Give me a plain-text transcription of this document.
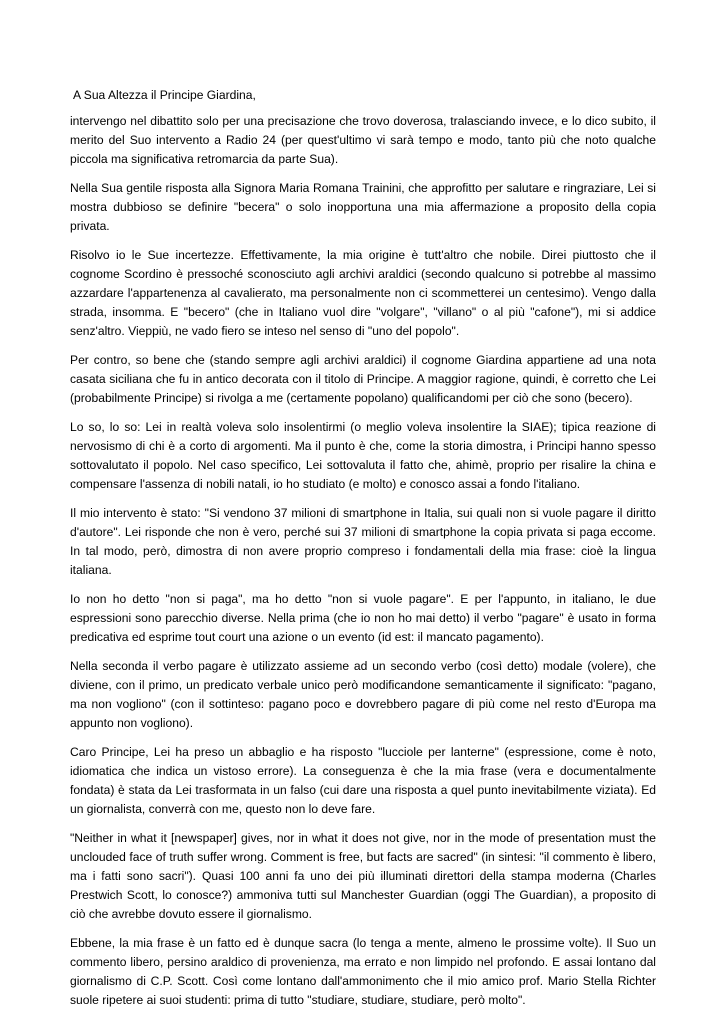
A Sua Altezza il Principe Giardina,

intervengo nel dibattito solo per una precisazione che trovo doverosa, tralasciando invece, e lo dico subito, il merito del Suo intervento a Radio 24 (per quest'ultimo vi sarà tempo e modo, tanto più che noto qualche piccola ma significativa retromarcia da parte Sua).

Nella Sua gentile risposta alla Signora Maria Romana Trainini, che approfitto per salutare e ringraziare, Lei si mostra dubbioso se definire "becera" o solo inopportuna una mia affermazione a proposito della copia privata.

Risolvo io le Sue incertezze. Effettivamente, la mia origine è tutt'altro che nobile. Direi piuttosto che il cognome Scordino è pressoché sconosciuto agli archivi araldici (secondo qualcuno si potrebbe al massimo azzardare l'appartenenza al cavalierato, ma personalmente non ci scommetterei un centesimo). Vengo dalla strada, insomma. E "becero" (che in Italiano vuol dire "volgare", "villano" o al più "cafone"), mi si addice senz'altro. Vieppiù, ne vado fiero se inteso nel senso di "uno del popolo".

Per contro, so bene che (stando sempre agli archivi araldici) il cognome Giardina appartiene ad una nota casata siciliana che fu in antico decorata con il titolo di Principe. A maggior ragione, quindi, è corretto che Lei (probabilmente Principe) si rivolga a me (certamente popolano) qualificandomi per ciò che sono (becero).

Lo so, lo so: Lei in realtà voleva solo insolentirmi (o meglio voleva insolentire la SIAE); tipica reazione di nervosismo di chi è a corto di argomenti. Ma il punto è che, come la storia dimostra, i Principi hanno spesso sottovalutato il popolo. Nel caso specifico, Lei sottovaluta il fatto che, ahimè, proprio per risalire la china e compensare l'assenza di nobili natali, io ho studiato (e molto) e conosco assai a fondo l'italiano.

Il mio intervento è stato: "Si vendono 37 milioni di smartphone in Italia, sui quali non si vuole pagare il diritto d'autore". Lei risponde che non è vero, perché sui 37 milioni di smartphone la copia privata si paga eccome. In tal modo, però, dimostra di non avere proprio compreso i fondamentali della mia frase: cioè la lingua italiana.

Io non ho detto "non si paga", ma ho detto "non si vuole pagare". E per l'appunto, in italiano, le due espressioni sono parecchio diverse. Nella prima (che io non ho mai detto) il verbo "pagare" è usato in forma predicativa ed esprime tout court una azione o un evento (id est: il mancato pagamento).

Nella seconda il verbo pagare è utilizzato assieme ad un secondo verbo (così detto) modale (volere), che diviene, con il primo, un predicato verbale unico però modificandone semanticamente il significato: "pagano, ma non vogliono" (con il sottinteso: pagano poco e dovrebbero pagare di più come nel resto d'Europa ma appunto non vogliono).

Caro Principe, Lei ha preso un abbaglio e ha risposto "lucciole per lanterne" (espressione, come è noto, idiomatica che indica un vistoso errore). La conseguenza è che la mia frase (vera e documentalmente fondata) è stata da Lei trasformata in un falso (cui dare una risposta a quel punto inevitabilmente viziata). Ed un giornalista, converrà con me, questo non lo deve fare.

"Neither in what it [newspaper] gives, nor in what it does not give, nor in the mode of presentation must the unclouded face of truth suffer wrong. Comment is free, but facts are sacred" (in sintesi: "il commento è libero, ma i fatti sono sacri"). Quasi 100 anni fa uno dei più illuminati direttori della stampa moderna (Charles Prestwich Scott, lo conosce?) ammoniva tutti sul Manchester Guardian (oggi The Guardian), a proposito di ciò che avrebbe dovuto essere il giornalismo.

Ebbene, la mia frase è un fatto ed è dunque sacra (lo tenga a mente, almeno le prossime volte). Il Suo un commento libero, persino araldico di provenienza, ma errato e non limpido nel profondo. E assai lontano dal giornalismo di C.P. Scott. Così come lontano dall'ammonimento che il mio amico prof. Mario Stella Richter suole ripetere ai suoi studenti: prima di tutto "studiare, studiare, studiare, però molto".
